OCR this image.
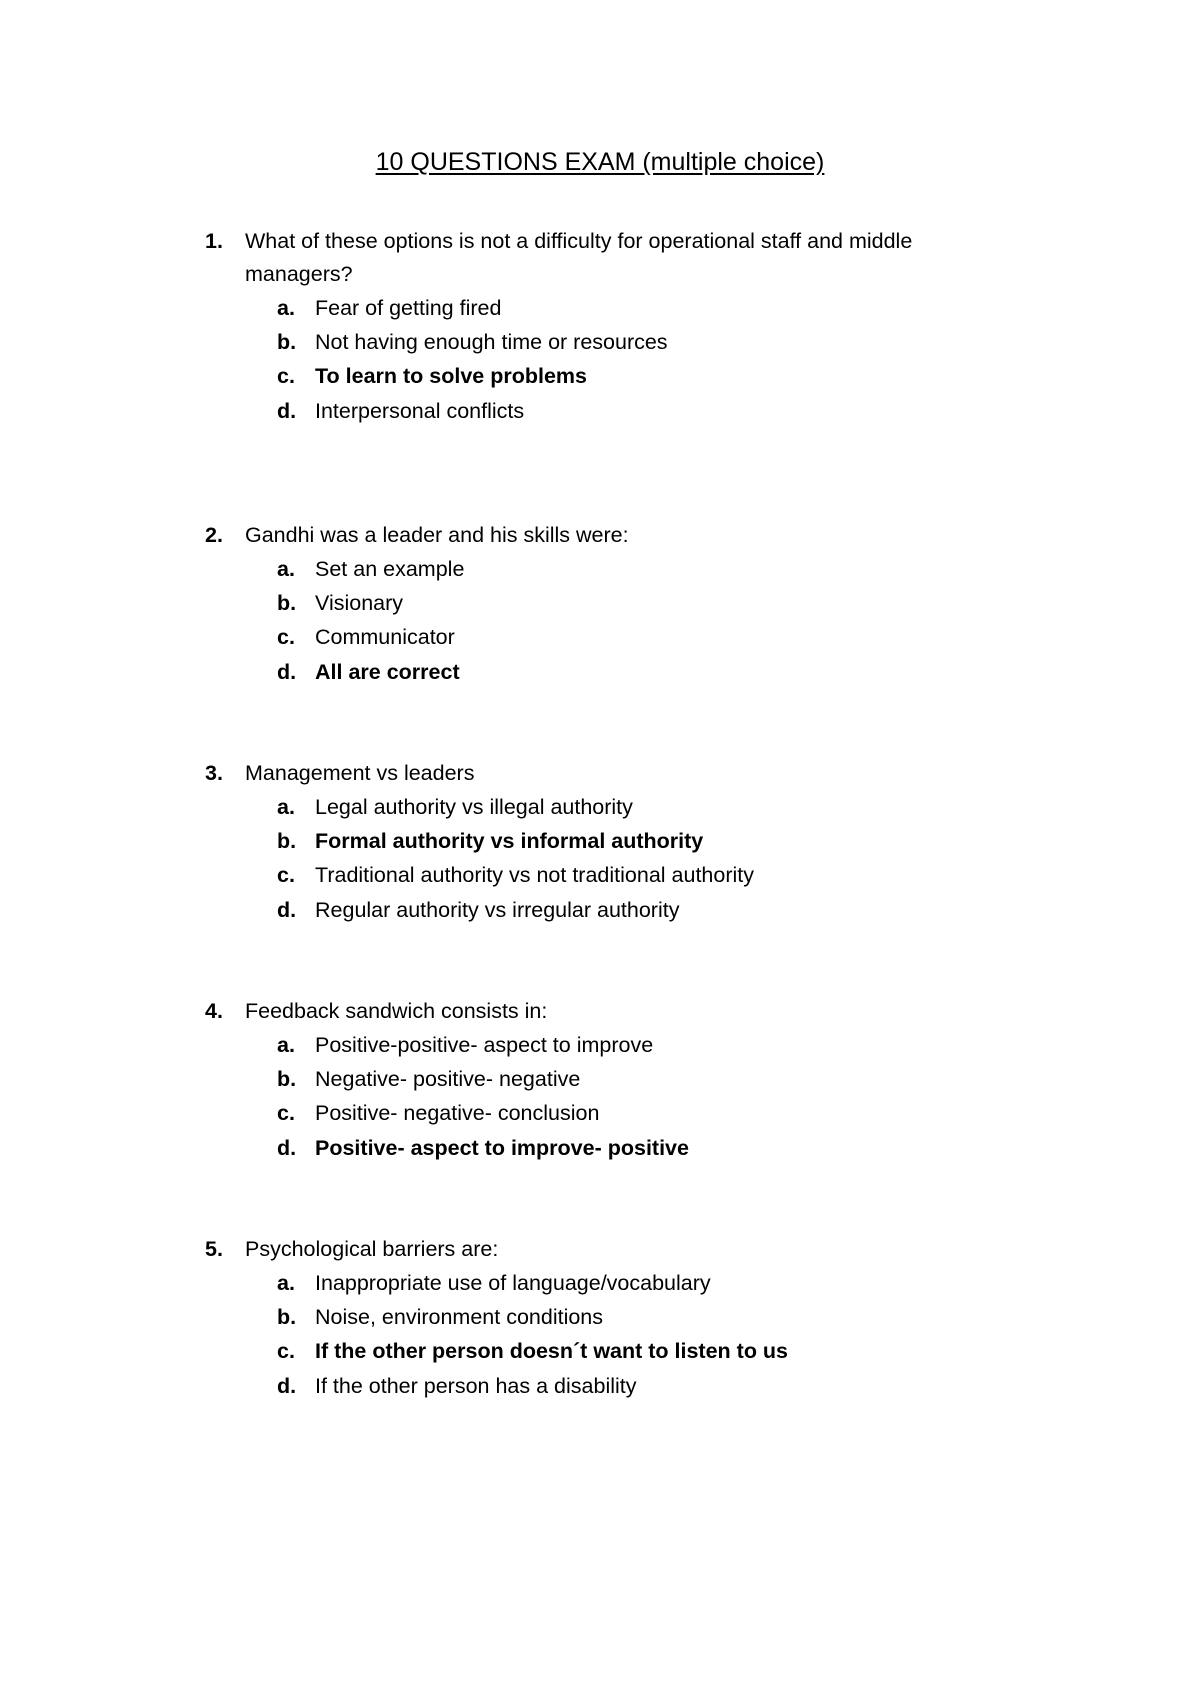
10 QUESTIONS EXAM (multiple choice)
1.	What of these options is not a difficulty for operational staff and middle managers?
a. Fear of getting fired
b. Not having enough time or resources
c. To learn to solve problems
d. Interpersonal conflicts
2.	Gandhi was a leader and his skills were:
a. Set an example
b. Visionary
c. Communicator
d. All are correct
3.	Management vs leaders
a. Legal authority vs illegal authority
b. Formal authority vs informal authority
c. Traditional authority vs not traditional authority
d. Regular authority vs irregular authority
4.	Feedback sandwich consists in:
a. Positive-positive- aspect to improve
b. Negative- positive- negative
c. Positive- negative- conclusion
d. Positive- aspect to improve- positive
5.	Psychological barriers are:
a. Inappropriate use of language/vocabulary
b. Noise, environment conditions
c. If the other person doesn´t want to listen to us
d. If the other person has a disability
